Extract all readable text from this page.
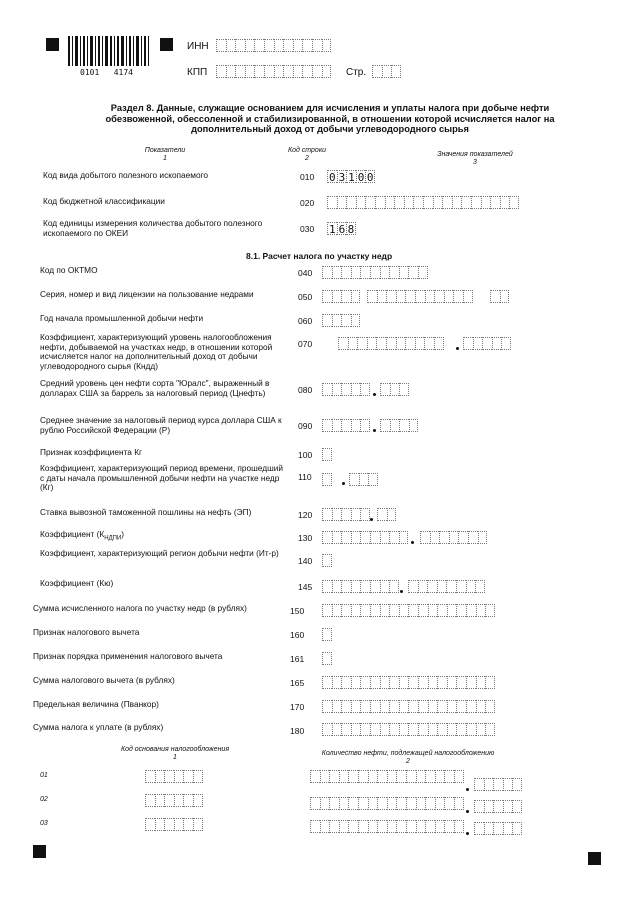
0101   4174
ИНН
КПП	Стр.
Раздел 8. Данные, служащие основанием для исчисления и уплаты налога при добыче нефти обезвоженной, обессоленной и стабилизированной, в отношении которой исчисляется налог на дополнительный доход от добычи углеводородного сырья
Показатели
1
Код строки
2
Значения показателей
3
Код вида добытого полезного ископаемого	010 0 3 1 0 0
Код бюджетной классификации	020
Код единицы измерения количества добытого полезного ископаемого по ОКЕИ	030 1 6 8
8.1. Расчет налога по участку недр
Код по ОКТМО	040
Серия, номер и вид лицензии на пользование недрами	050
Год начала промышленной добычи нефти	060
Коэффициент, характеризующий уровень налогообложения нефти, добываемой на участках недр, в отношении которой исчисляется налог на дополнительный доход от добычи углеводородного сырья (Кндд)
070
Средний уровень цен нефти сорта "Юралс", выраженный в долларах США за баррель за налоговый период (Цнефть)	080
Среднее значение за налоговый период курса доллара США к рублю Российской Федерации (Р)	090
Признак коэффициента Кг	100
Коэффициент, характеризующий период времени, прошедший с даты начала промышленной добычи нефти на участке недр (Кг)
110
Ставка вывозной таможенной пошлины на нефть (ЭП)	120
Коэффициент $(К_{НДПИ})$	130
Коэффициент, характеризующий регион добычи нефти (Ит-р)
140
Коэффициент (Кю)	145
Сумма исчисленного налога по участку недр (в рублях)	150
Признак налогового вычета	160
Признак порядка применения налогового вычета	161
Сумма налогового вычета (в рублях)	165
Предельная величина (Пванкор)	170
Сумма налога к уплате (в рублях)	180
Код основания налогообложения
1
Количество нефти, подлежащей налогообложению
2
01
02
03
